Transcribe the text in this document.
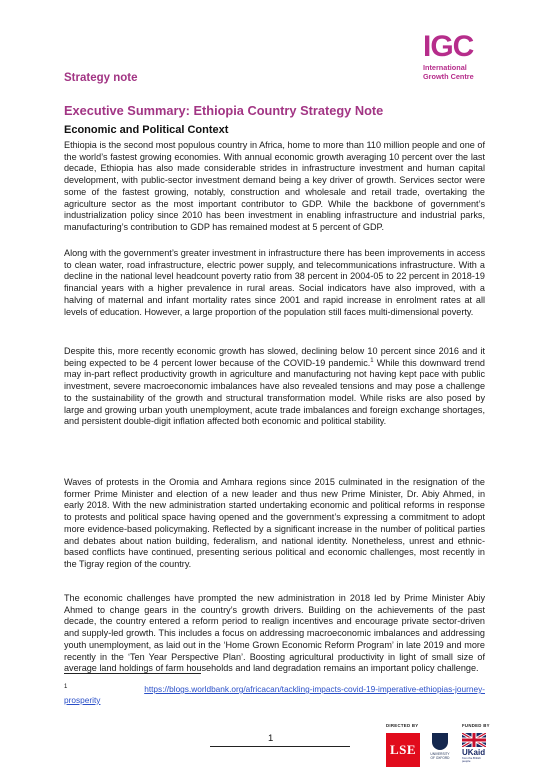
IGC
International
Growth Centre
Strategy note
Executive Summary: Ethiopia Country Strategy Note
Economic and Political Context

Ethiopia is the second most populous country in Africa, home to more than 110 million people and one of the world’s fastest growing economies. With annual economic growth averaging 10 percent over the last decade, Ethiopia has also made considerable strides in infrastructure investment and human capital development, with public-sector investment demand being a key driver of growth. Services sector were some of the fastest growing, notably, construction and wholesale and retail trade, overtaking the agriculture sector as the most important contributor to GDP. While the backbone of government’s industrialization policy since 2010 has been investment in enabling infrastructure and industrial parks, manufacturing’s contribution to GDP has remained modest at 5 percent of GDP.

Along with the government’s greater investment in infrastructure there has been improvements in access to clean water, road infrastructure, electric power supply, and telecommunications infrastructure. With a decline in the national level headcount poverty ratio from 38 percent in 2004-05 to 22 percent in 2018-19 financial years with a higher prevalence in rural areas. Social indicators have also improved, with a halving of maternal and infant mortality rates since 2001 and rapid increase in enrolment rates at all levels of education. However, a large proportion of the population still faces multi-dimensional poverty.

Despite this, more recently economic growth has slowed, declining below 10 percent since 2016 and it being expected to be 4 percent lower because of the COVID-19 pandemic.$^1$ While this downward trend may in-part reflect productivity growth in agriculture and manufacturing not having kept pace with public investment, severe macroeconomic imbalances have also revealed tensions and may pose a challenge to the sustainability of the growth and structural transformation model. While risks are also posed by large and growing urban youth unemployment, acute trade imbalances and foreign exchange shortages, and persistent double-digit inflation affected both economic and political stability.

Waves of protests in the Oromia and Amhara regions since 2015 culminated in the resignation of the former Prime Minister and election of a new leader and thus new Prime Minister, Dr. Abiy Ahmed, in early 2018. With the new administration started undertaking economic and political reforms in response to protests and political space having opened and the government’s expressing a commitment to adopt more evidence-based policymaking. Reflected by a significant increase in the number of political parties and debates about nation building, federalism, and national identity. Nonetheless, unrest and ethnic-based conflicts have continued, presenting serious political and economic challenges, most recently in the Tigray region of the country.

The economic challenges have prompted the new administration in 2018 led by Prime Minister Abiy Ahmed to change gears in the country’s growth drivers. Building on the achievements of the past decade, the country entered a reform period to realign incentives and encourage private sector-driven and supply-led growth. This includes a focus on addressing macroeconomic imbalances and addressing youth unemployment, as laid out in the ‘Home Grown Economic Reform Program’ in late 2019 and more recently in the ‘Ten Year Perspective Plan’. Boosting agricultural productivity in light of small size of average land holdings of farm households and land degradation remains an important policy challenge.

1	https://blogs.worldbank.org/africacan/tackling-impacts-covid-19-imperative-ethiopias-journey-
prosperity
1
DIRECTED BY	FUNDED BY
LSE	UNIVERSITY OF OXFORD
UKaid
from the British people
